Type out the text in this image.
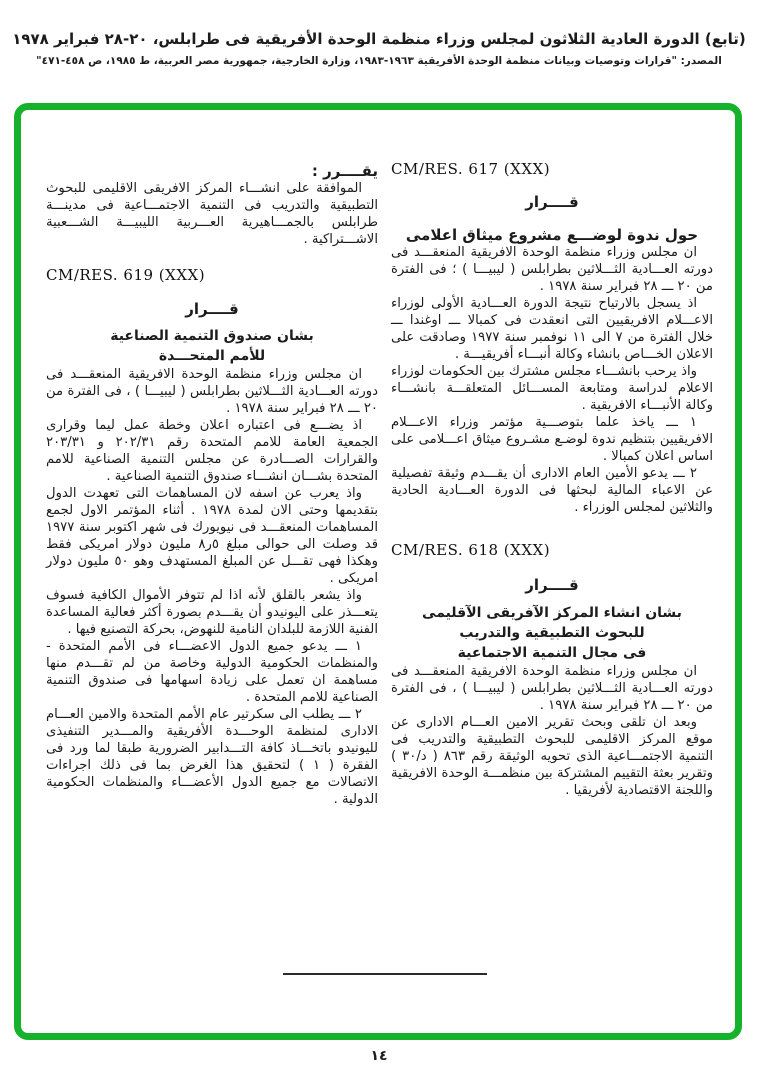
(تابع) الدورة العادية الثلاثون لمجلس وزراء منظمة الوحدة الأفريقية فى طرابلس، ٢٠-٢٨ فبراير ١٩٧٨
المصدر: "قرارات وتوصيات وبيانات منظمة الوحدة الأفريقية ١٩٦٣-١٩٨٣، وزارة الخارجية، جمهورية مصر العربية، ط ١٩٨٥، ص ٤٥٨-٤٧١"
CM/RES. 617 (XXX)
قــــرار
حول ندوة لوضـــع مشروع ميثاق اعلامى

ان مجلس وزراء منظمة الوحدة الافريقية المنعقـــد فى دورته العـــادية الثـــلاثين بطرابلس ( ليبيـــا ) ؛ فى الفترة من ٢٠ ـــ ٢٨ فبراير سنة ١٩٧٨ .

اذ يسجل بالارتياح نتيجة الدورة العـــادية الأولى لوزراء الاعـــلام الافريقيين التى انعقدت فى كمبالا ـــ اوغندا ـــ خلال الفترة من ٧ الى ١١ نوفمبر سنة ١٩٧٧ وصادقت على الاعلان الخـــاص بانشاء وكالة أنبـــاء أفريقيـــة .

واذ يرحب بانشـــاء مجلس مشترك بين الحكومات لوزراء الاعلام لدراسة ومتابعة المســـائل المتعلقـــة بانشـــاء وكالة الأنبـــاء الافريقية .

١ ـــ ياخذ علما بتوصـــية مؤتمر وزراء الاعـــلام الافريقيين بتنظيم ندوة لوضـع مشـروع ميثاق اعـــلامى على اساس اعلان كمبالا .

٢ ـــ يدعو الأمين العام الادارى أن يقـــدم وثيقة تفصيلية عن الاعباء المالية لبحثها فى الدورة العـــادية الحادية والثلاثين لمجلس الوزراء .

CM/RES. 618 (XXX)
قــــرار
بشان انشاء المركز الآفريقى الآقليمى
للبحوث التطبيقية والتدريب
فى مجال التنمية الاجتماعية

ان مجلس وزراء منظمة الوحدة الافريقية المنعقـــد فى دورته العـــادية الثـــلاثين بطرابلس ( ليبيـــا ) ، فى الفترة من ٢٠ ـــ ٢٨ فبراير سنة ١٩٧٨ .

وبعد ان تلقى وبحث تقرير الامين العـــام الادارى عن موقع المركز الاقليمى للبحوث التطبيقية والتدريب فى التنمية الاجتمـــاعية الذى تحويه الوثيقة رقم ٨٦٣ ( د/٣٠ ) وتقرير بعثة التقييم المشتركة بين منظمـــة الوحدة الافريقية واللجنة الاقتصادية لأفريقيا .

يقــــرر :

الموافقة على انشـــاء المركز الافريقى الاقليمى للبحوث التطبيقية والتدريب فى التنمية الاجتمـــاعية فى مدينـــة طرابلس بالجمـــاهيرية العـــربية الليبيـــة الشـــعبية الاشـــتراكية .

CM/RES. 619 (XXX)
قــــرار
بشان صندوق التنمية الصناعية
للأمم المتحـــدة

ان مجلس وزراء منظمة الوحدة الافريقية المنعقـــد فى دورته العـــادية الثـــلاثين بطرابلس ( ليبيـــا ) ، فى الفترة من ٢٠ ـــ ٢٨ فبراير سنة ١٩٧٨ .

اذ يضـــع فى اعتباره اعلان وخطة عمل ليما وقرارى الجمعية العامة للامم المتحدة رقم ٢٠٢/٣١ و ٢٠٣/٣١ والقرارات الصـــادرة عن مجلس التنمية الصناعية للامم المتحدة بشـــان انشـــاء صندوق التنمية الصناعية .

واذ يعرب عن اسفه لان المساهمات التى تعهدت الدول بتقديمها وحتى الان لمدة ١٩٧٨ . أثناء المؤتمر الاول لجمع المساهمات المنعقـــد فى نيويورك فى شهر اكتوبر سنة ١٩٧٧ قد وصلت الى حوالى مبلغ ٥ر٨ مليون دولار امريكى فقط وهكذا فهى تقـــل عن المبلغ المستهدف وهو ٥٠ مليون دولار امريكى .

واذ يشعر بالقلق لأنه اذا لم تتوفر الأموال الكافية فسوف يتعـــذر على اليونيدو أن يقـــدم بصورة أكثر فعالية المساعدة الفنية اللازمة للبلدان النامية للنهوض، بحركة التصنيع فيها .

١ ـــ يدعو جميع الدول الاعضـــاء فى الأمم المتحدة - والمنظمات الحكومية الدولية وخاصة من لم تقـــدم منها مساهمة ان تعمل على زيادة اسهامها فى صندوق التنمية الصناعية للامم المتحدة .

٢ ـــ يطلب الى سكرتير عام الأمم المتحدة والامين العـــام الادارى لمنظمة الوحـــدة الأفريقية والمـــدير التنفيذى لليونيدو باتخـــاذ كافة التـــدابير الضرورية طبقا لما ورد فى الفقرة ( ١ ) لتحقيق هذا الغرض بما فى ذلك اجراءات الاتصالات مع جميع الدول الأعضـــاء والمنظمات الحكومية الدولية .

١٤
